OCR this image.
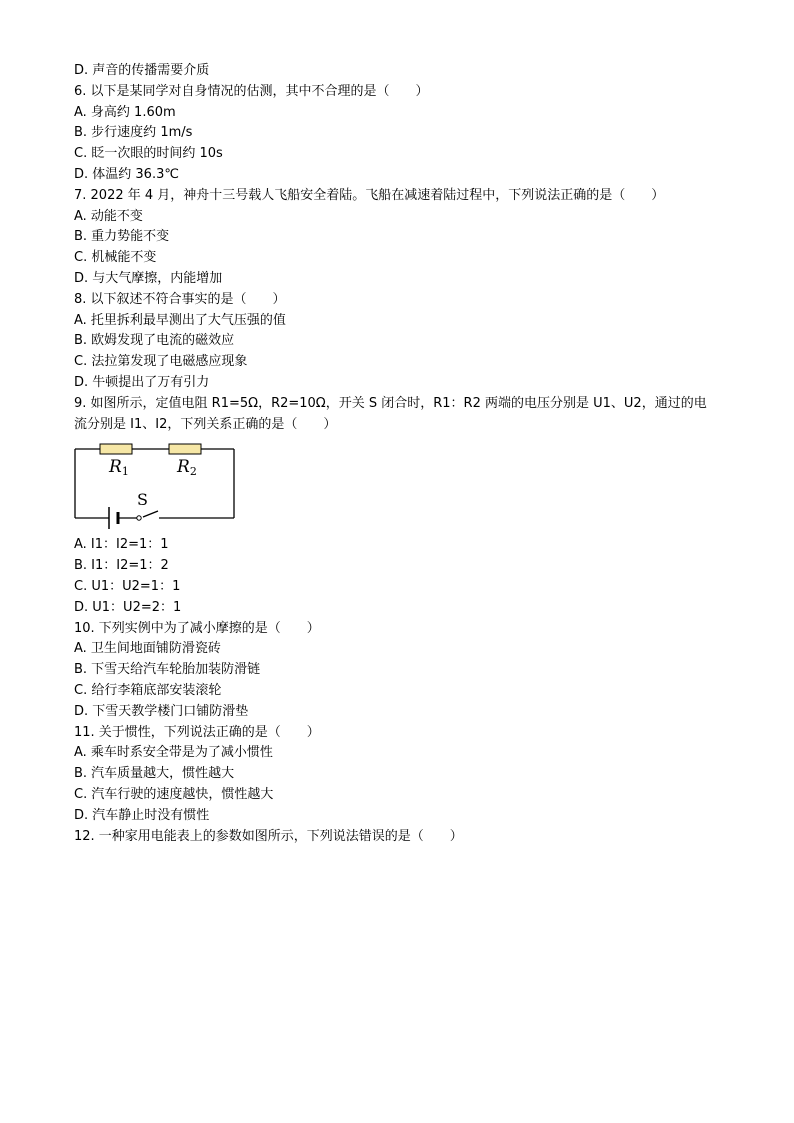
D. 声音的传播需要介质
6. 以下是某同学对自身情况的估测，其中不合理的是（　　）
A. 身高约 1.60m
B. 步行速度约 1m/s
C. 眨一次眼的时间约 10s
D. 体温约 36.3℃
7. 2022 年 4 月，神舟十三号载人飞船安全着陆。飞船在减速着陆过程中，下列说法正确的是（　　）
A. 动能不变
B. 重力势能不变
C. 机械能不变
D. 与大气摩擦，内能增加
8. 以下叙述不符合事实的是（　　）
A. 托里拆利最早测出了大气压强的值
B. 欧姆发现了电流的磁效应
C. 法拉第发现了电磁感应现象
D. 牛顿提出了万有引力
9. 如图所示，定值电阻 R1=5Ω，R2=10Ω，开关 S 闭合时，R1：R2 两端的电压分别是 U1、U2，通过的电
流分别是 I1、I2，下列关系正确的是（　　）
$R_1$	$R_2$
S
A. I1：I2=1：1
B. I1：I2=1：2
C. U1：U2=1：1
D. U1：U2=2：1
10. 下列实例中为了减小摩擦的是（　　）
A. 卫生间地面铺防滑瓷砖
B. 下雪天给汽车轮胎加装防滑链
C. 给行李箱底部安装滚轮
D. 下雪天教学楼门口铺防滑垫
11. 关于惯性，下列说法正确的是（　　）
A. 乘车时系安全带是为了减小惯性
B. 汽车质量越大，惯性越大
C. 汽车行驶的速度越快，惯性越大
D. 汽车静止时没有惯性
12. 一种家用电能表上的参数如图所示，下列说法错误的是（　　）
